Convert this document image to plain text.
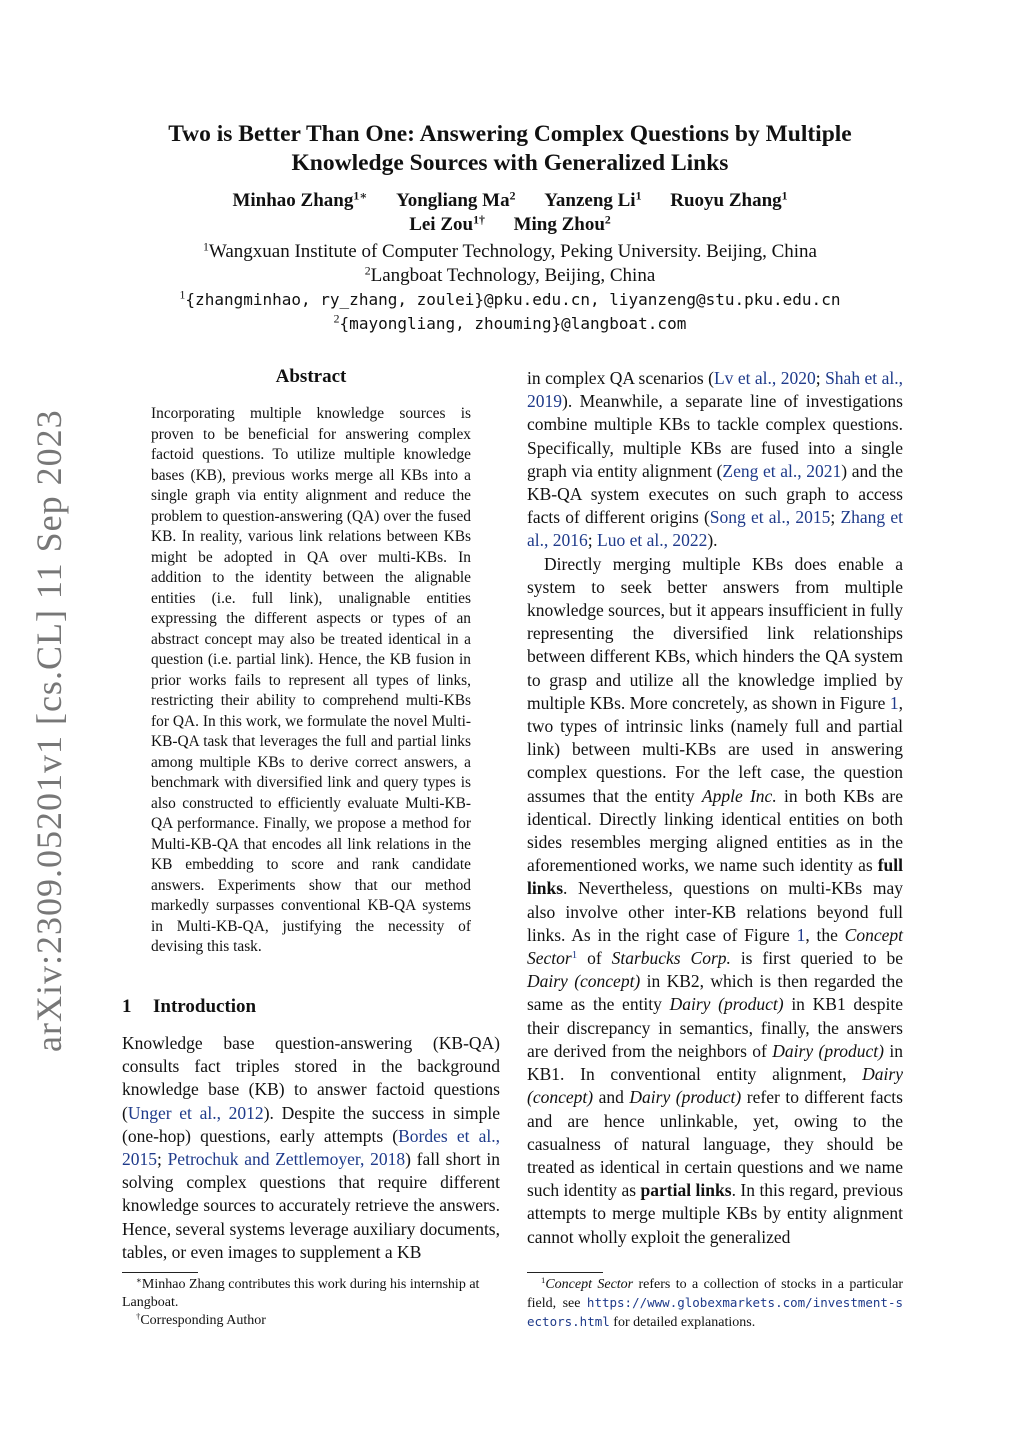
arXiv:2309.05201v1 [cs.CL] 11 Sep 2023
Two is Better Than One: Answering Complex Questions by Multiple
Knowledge Sources with Generalized Links
Minhao Zhang$^{1∗}$ Yongliang Ma$^2$ Yanzeng Li$^1$ Ruoyu Zhang$^1$
Lei Zou$^{1\dagger}$ Ming Zhou$^2$
$^1$Wangxuan Institute of Computer Technology, Peking University. Beijing, China
$^2$Langboat Technology, Beijing, China
$^1${zhangminhao, ry_zhang, zoulei}@pku.edu.cn, liyanzeng@stu.pku.edu.cn
$^2${mayongliang, zhouming}@langboat.com
Abstract
Incorporating multiple knowledge sources is proven to be beneficial for answering complex factoid questions. To utilize multiple knowledge bases (KB), previous works merge all KBs into a single graph via entity alignment and reduce the problem to question-answering (QA) over the fused KB. In reality, various link relations between KBs might be adopted in QA over multi-KBs. In addition to the identity between the alignable entities (i.e. full link), unalignable entities expressing the different aspects or types of an abstract concept may also be treated identical in a question (i.e. partial link). Hence, the KB fusion in prior works fails to represent all types of links, restricting their ability to comprehend multi-KBs for QA. In this work, we formulate the novel Multi-KB-QA task that leverages the full and partial links among multiple KBs to derive correct answers, a benchmark with diversified link and query types is also constructed to efficiently evaluate Multi-KB-QA performance. Finally, we propose a method for Multi-KB-QA that encodes all link relations in the KB embedding to score and rank candidate answers. Experiments show that our method markedly surpasses conventional KB-QA systems in Multi-KB-QA, justifying the necessity of devising this task.
1 Introduction
Knowledge base question-answering (KB-QA) consults fact triples stored in the background knowledge base (KB) to answer factoid questions (Unger et al., 2012). Despite the success in simple (one-hop) questions, early attempts (Bordes et al., 2015; Petrochuk and Zettlemoyer, 2018) fall short in solving complex questions that require different knowledge sources to accurately retrieve the answers. Hence, several systems leverage auxiliary documents, tables, or even images to supplement a KB

in complex QA scenarios (Lv et al., 2020; Shah et al., 2019). Meanwhile, a separate line of investigations combine multiple KBs to tackle complex questions. Specifically, multiple KBs are fused into a single graph via entity alignment (Zeng et al., 2021) and the KB-QA system executes on such graph to access facts of different origins (Song et al., 2015; Zhang et al., 2016; Luo et al., 2022).

Directly merging multiple KBs does enable a system to seek better answers from multiple knowledge sources, but it appears insufficient in fully representing the diversified link relationships between different KBs, which hinders the QA system to grasp and utilize all the knowledge implied by multiple KBs. More concretely, as shown in Figure 1, two types of intrinsic links (namely full and partial link) between multi-KBs are used in answering complex questions. For the left case, the question assumes that the entity Apple Inc. in both KBs are identical. Directly linking identical entities on both sides resembles merging aligned entities as in the aforementioned works, we name such identity as full links. Nevertheless, questions on multi-KBs may also involve other inter-KB relations beyond full links. As in the right case of Figure 1, the Concept Sector$^1$ of Starbucks Corp. is first queried to be Dairy (concept) in KB2, which is then regarded the same as the entity Dairy (product) in KB1 despite their discrepancy in semantics, finally, the answers are derived from the neighbors of Dairy (product) in KB1. In conventional entity alignment, Dairy (concept) and Dairy (product) refer to different facts and are hence unlinkable, yet, owing to the casualness of natural language, they should be treated as identical in certain questions and we name such identity as partial links. In this regard, previous attempts to merge multiple KBs by entity alignment cannot wholly exploit the generalized

∗Minhao Zhang contributes this work during his internship at Langboat.

†Corresponding Author

$^1$Concept Sector refers to a collection of stocks in a particular field, see https://www.globexmarkets.com/investment-sectors.html for detailed explanations.
